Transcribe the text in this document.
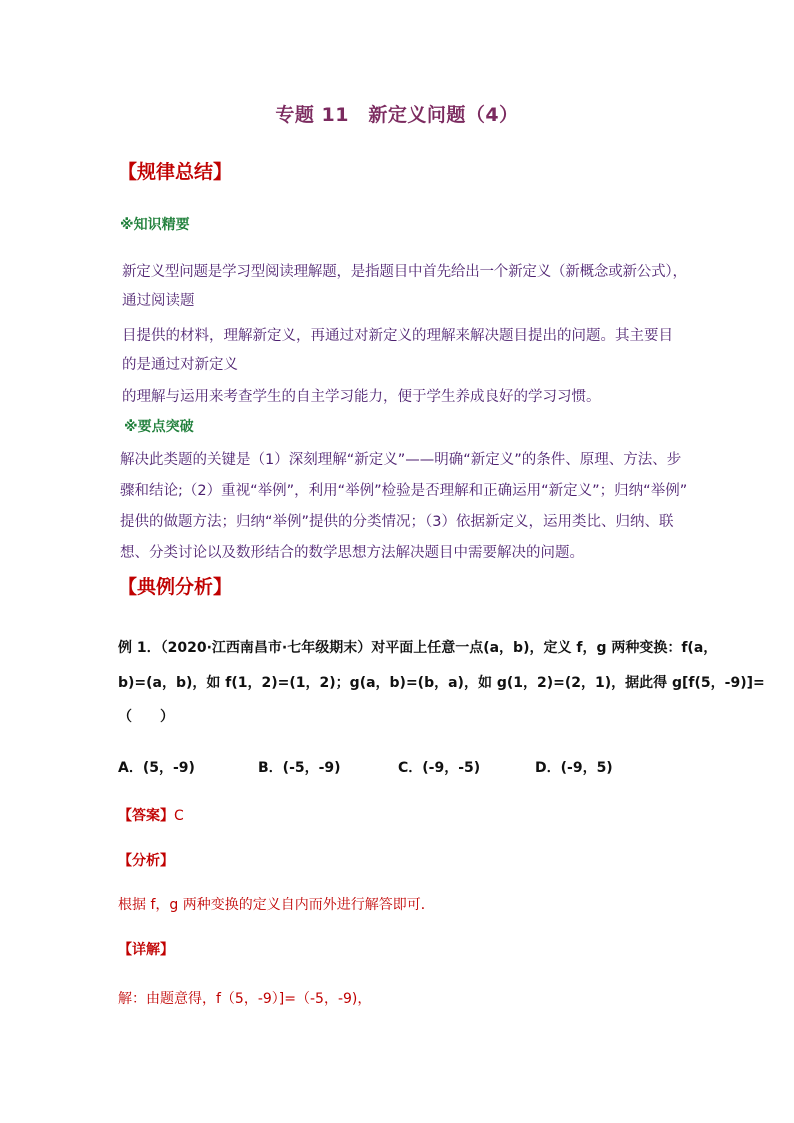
专题 11　新定义问题（4）
【规律总结】
※知识精要
新定义型问题是学习型阅读理解题，是指题目中首先给出一个新定义（新概念或新公式），
通过阅读题
目提供的材料，理解新定义，再通过对新定义的理解来解决题目提出的问题。其主要目
的是通过对新定义
的理解与运用来考查学生的自主学习能力，便于学生养成良好的学习习惯。
※要点突破
解决此类题的关键是（1）深刻理解“新定义”——明确“新定义”的条件、原理、方法、步
骤和结论;（2）重视“举例”，利用“举例”检验是否理解和正确运用“新定义”；归纳“举例”
提供的做题方法；归纳“举例”提供的分类情况；（3）依据新定义，运用类比、归纳、联
想、分类讨论以及数形结合的数学思想方法解决题目中需要解决的问题。
【典例分析】
例 1．（2020·江西南昌市·七年级期末）对平面上任意一点(a，b)，定义 f，g 两种变换：f(a，
b)=(a，b)，如 f(1，2)=(1，2)；g(a，b)=(b，a)，如 g(1，2)=(2，1)，据此得 g[f(5，-9)]=
（　　）
A．(5，-9)	B．(-5，-9)	C．(-9，-5)	D．(-9，5)
【答案】C
【分析】
根据 f，g 两种变换的定义自内而外进行解答即可．
【详解】
解：由题意得，f（5，-9）]=（-5，-9)，
